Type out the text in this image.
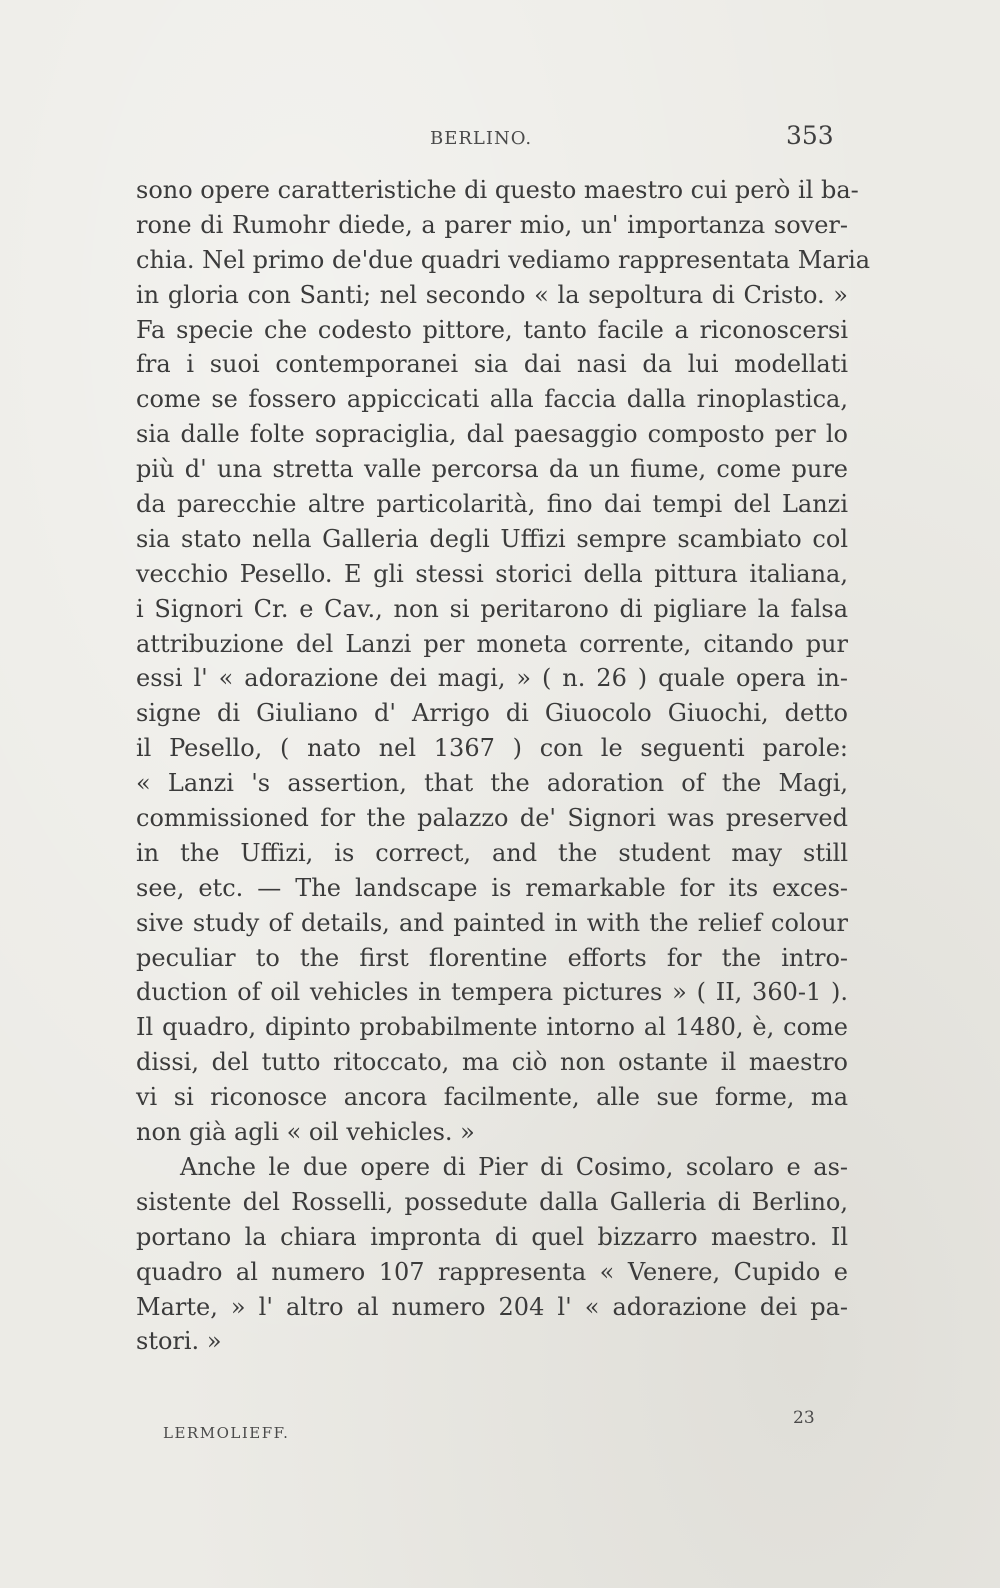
BERLINO.	353
sono opere caratteristiche di questo maestro cui però il ba-
rone di Rumohr diede, a parer mio, un' importanza sover-
chia. Nel primo de'due quadri vediamo rappresentata Maria
in gloria con Santi; nel secondo « la sepoltura di Cristo. »
Fa specie che codesto pittore, tanto facile a riconoscersi
fra i suoi contemporanei sia dai nasi da lui modellati
come se fossero appiccicati alla faccia dalla rinoplastica,
sia dalle folte sopraciglia, dal paesaggio composto per lo
più d' una stretta valle percorsa da un fiume, come pure
da parecchie altre particolarità, fino dai tempi del Lanzi
sia stato nella Galleria degli Uffizi sempre scambiato col
vecchio Pesello. E gli stessi storici della pittura italiana,
i Signori Cr. e Cav., non si peritarono di pigliare la falsa
attribuzione del Lanzi per moneta corrente, citando pur
essi l' « adorazione dei magi, » ( n. 26 ) quale opera in-
signe di Giuliano d' Arrigo di Giuocolo Giuochi, detto
il Pesello, ( nato nel 1367 ) con le seguenti parole:
« Lanzi 's assertion, that the adoration of the Magi,
commissioned for the palazzo de' Signori was preserved
in the Uffizi, is correct, and the student may still
see, etc. — The landscape is remarkable for its exces-
sive study of details, and painted in with the relief colour
peculiar to the first florentine efforts for the intro-
duction of oil vehicles in tempera pictures » ( II, 360-1 ).
Il quadro, dipinto probabilmente intorno al 1480, è, come
dissi, del tutto ritoccato, ma ciò non ostante il maestro
vi si riconosce ancora facilmente, alle sue forme, ma
non già agli « oil vehicles. »
Anche le due opere di Pier di Cosimo, scolaro e as-
sistente del Rosselli, possedute dalla Galleria di Berlino,
portano la chiara impronta di quel bizzarro maestro. Il
quadro al numero 107 rappresenta « Venere, Cupido e
Marte, » l' altro al numero 204 l' « adorazione dei pa-
stori. »
LERMOLIEFF.
23
